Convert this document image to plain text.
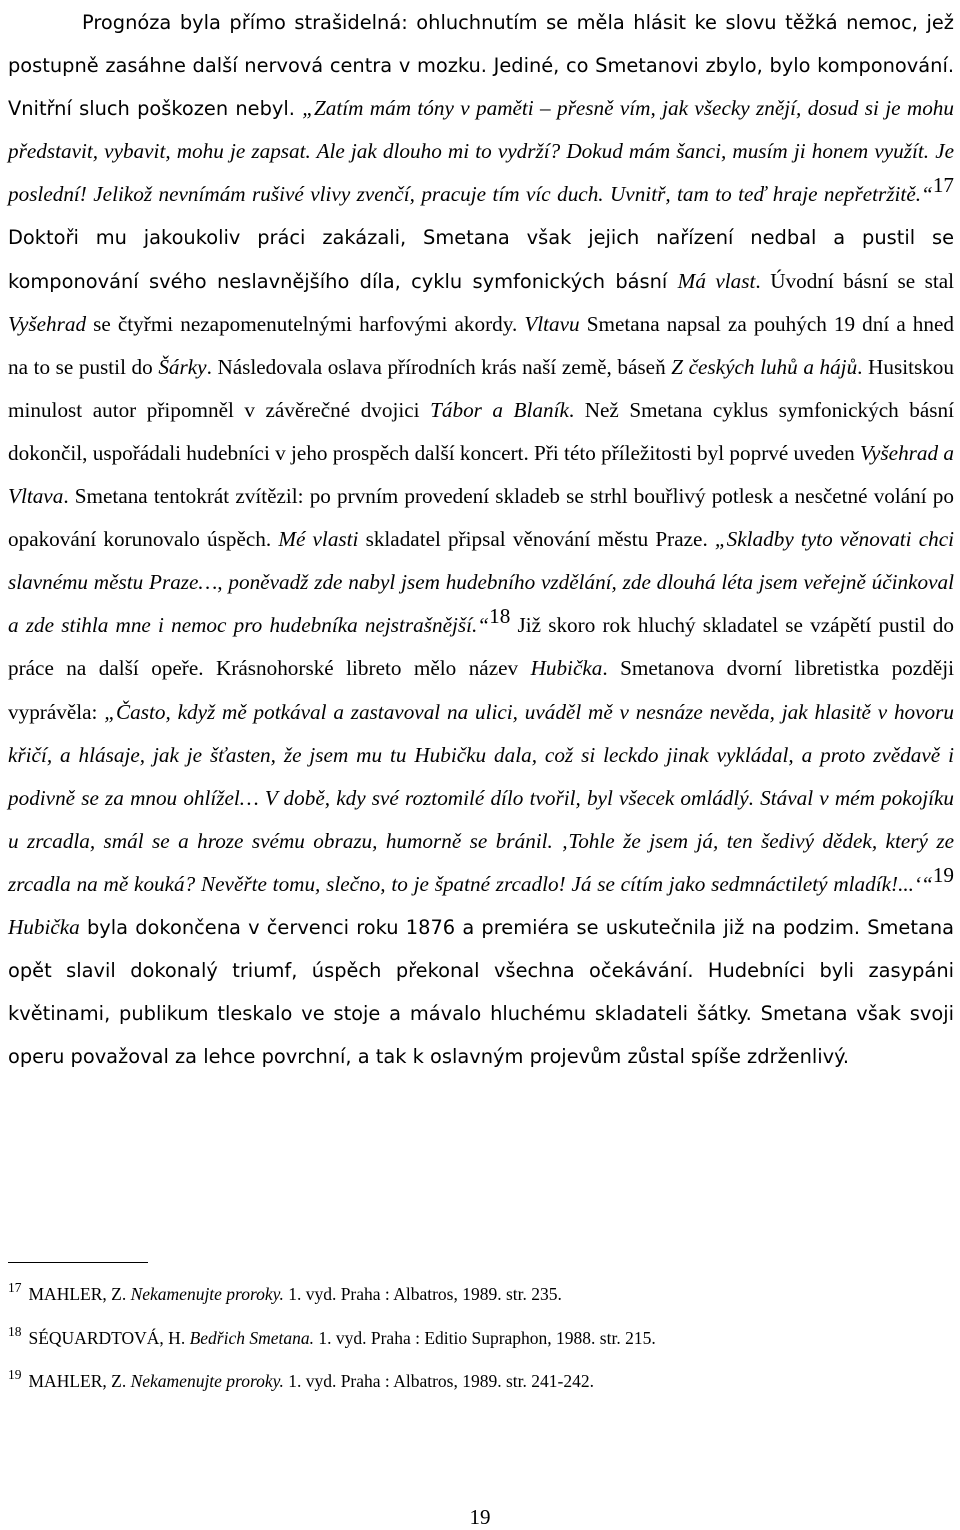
Prognóza byla přímo strašidelná: ohluchnutím se měla hlásit ke slovu těžká nemoc, jež postupně zasáhne další nervová centra v mozku. Jediné, co Smetanovi zbylo, bylo komponování. Vnitřní sluch poškozen nebyl. „Zatím mám tóny v paměti – přesně vím, jak všecky znějí, dosud si je mohu představit, vybavit, mohu je zapsat. Ale jak dlouho mi to vydrží? Dokud mám šanci, musím ji honem využít. Je poslední! Jelikož nevnímám rušivé vlivy zvenčí, pracuje tím víc duch. Uvnitř, tam to teď hraje nepřetržitě.“$^{17}$ Doktoři mu jakoukoliv práci zakázali, Smetana však jejich nařízení nedbal a pustil se komponování svého neslavnějšího díla, cyklu symfonických básní Má vlast. Úvodní básní se stal Vyšehrad se čtyřmi nezapomenutelnými harfovými akordy. Vltavu Smetana napsal za pouhých 19 dní a hned na to se pustil do Šárky. Následovala oslava přírodních krás naší země, báseň Z českých luhů a hájů. Husitskou minulost autor připomněl v závěrečné dvojici Tábor a Blaník. Než Smetana cyklus symfonických básní dokončil, uspořádali hudebníci v jeho prospěch další koncert. Při této příležitosti byl poprvé uveden Vyšehrad a Vltava. Smetana tentokrát zvítězil: po prvním provedení skladeb se strhl bouřlivý potlesk a nesčetné volání po opakování korunovalo úspěch. Mé vlasti skladatel připsal věnování městu Praze. „Skladby tyto věnovati chci slavnému městu Praze…, poněvadž zde nabyl jsem hudebního vzdělání, zde dlouhá léta jsem veřejně účinkoval a zde stihla mne i nemoc pro hudebníka nejstrašnější.“$^{18}$ Již skoro rok hluchý skladatel se vzápětí pustil do práce na další opeře. Krásnohorské libreto mělo název Hubička. Smetanova dvorní libretistka později vyprávěla: „Často, když mě potkával a zastavoval na ulici, uváděl mě v nesnáze nevěda, jak hlasitě v hovoru křičí, a hlásaje, jak je šťasten, že jsem mu tu Hubičku dala, což si leckdo jinak vykládal, a proto zvědavě i podivně se za mnou ohlížel… V době, kdy své roztomilé dílo tvořil, byl všecek omládlý. Stával v mém pokojíku u zrcadla, smál se a hroze svému obrazu, humorně se bránil. ‚Tohle že jsem já, ten šedivý dědek, který ze zrcadla na mě kouká? Nevěřte tomu, slečno, to je špatné zrcadlo! Já se cítím jako sedmnáctiletý mladík!...‘“$^{19}$ Hubička byla dokončena v červenci roku 1876 a premiéra se uskutečnila již na podzim. Smetana opět slavil dokonalý triumf, úspěch překonal všechna očekávání. Hudebníci byli zasypáni květinami, publikum tleskalo ve stoje a mávalo hluchému skladateli šátky. Smetana však svoji operu považoval za lehce povrchní, a tak k oslavným projevům zůstal spíše zdrženlivý.

$^{17}$ MAHLER, Z. Nekamenujte proroky. 1. vyd. Praha : Albatros, 1989. str. 235.
$^{18}$ SÉQUARDTOVÁ, H. Bedřich Smetana. 1. vyd. Praha : Editio Supraphon, 1988. str. 215.
$^{19}$ MAHLER, Z. Nekamenujte proroky. 1. vyd. Praha : Albatros, 1989. str. 241-242.
19
